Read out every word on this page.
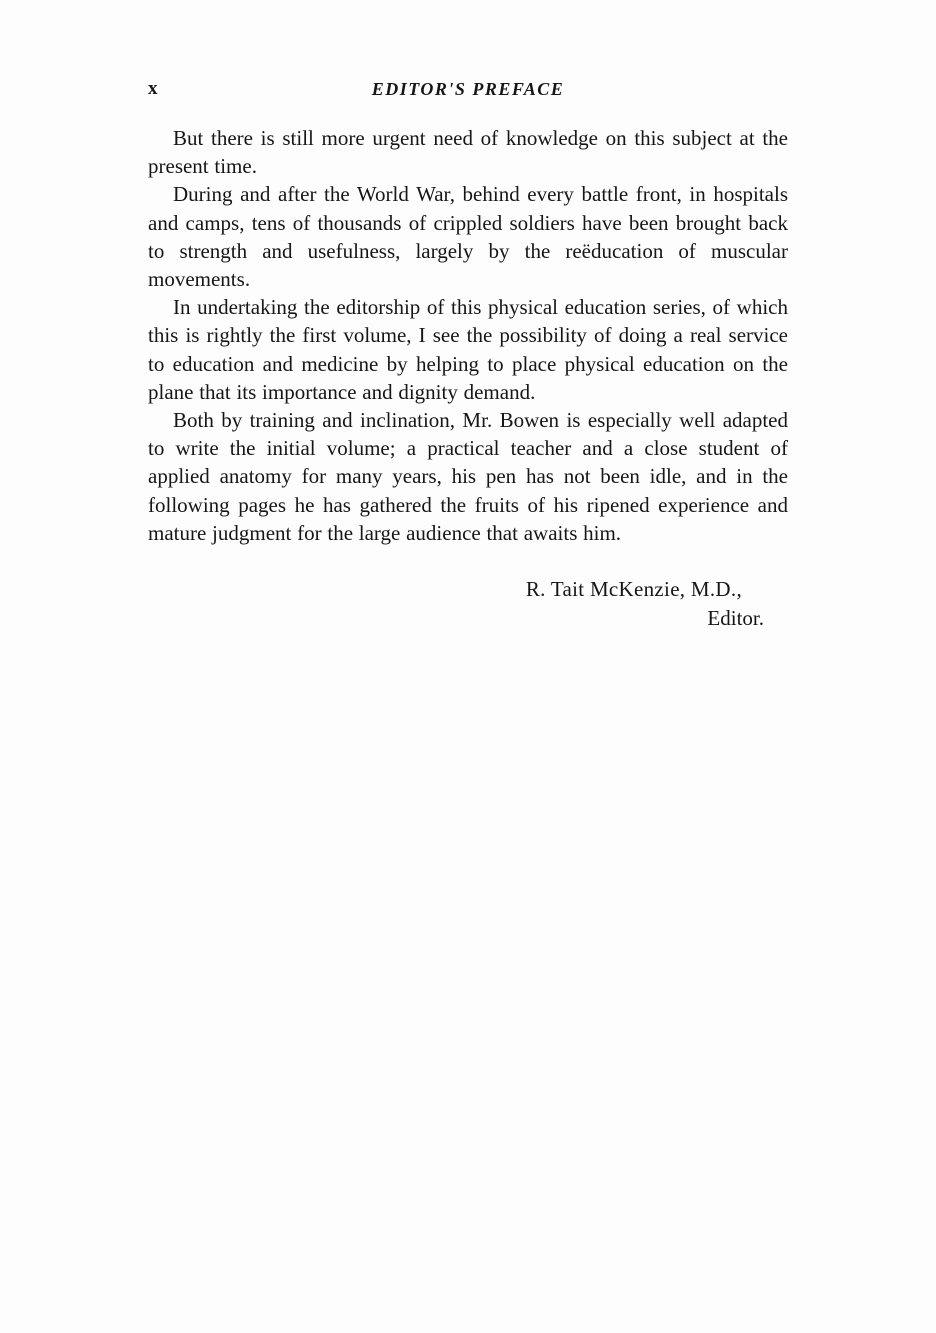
x	EDITOR'S PREFACE

But there is still more urgent need of knowledge on this subject at the present time.

During and after the World War, behind every battle front, in hospitals and camps, tens of thousands of crippled soldiers have been brought back to strength and usefulness, largely by the reëducation of muscular movements.

In undertaking the editorship of this physical education series, of which this is rightly the first volume, I see the possibility of doing a real service to education and medicine by helping to place physical education on the plane that its importance and dignity demand.

Both by training and inclination, Mr. Bowen is especially well adapted to write the initial volume; a practical teacher and a close student of applied anatomy for many years, his pen has not been idle, and in the following pages he has gathered the fruits of his ripened experience and mature judgment for the large audience that awaits him.

R. Tait McKenzie, M.D.,
Editor.
